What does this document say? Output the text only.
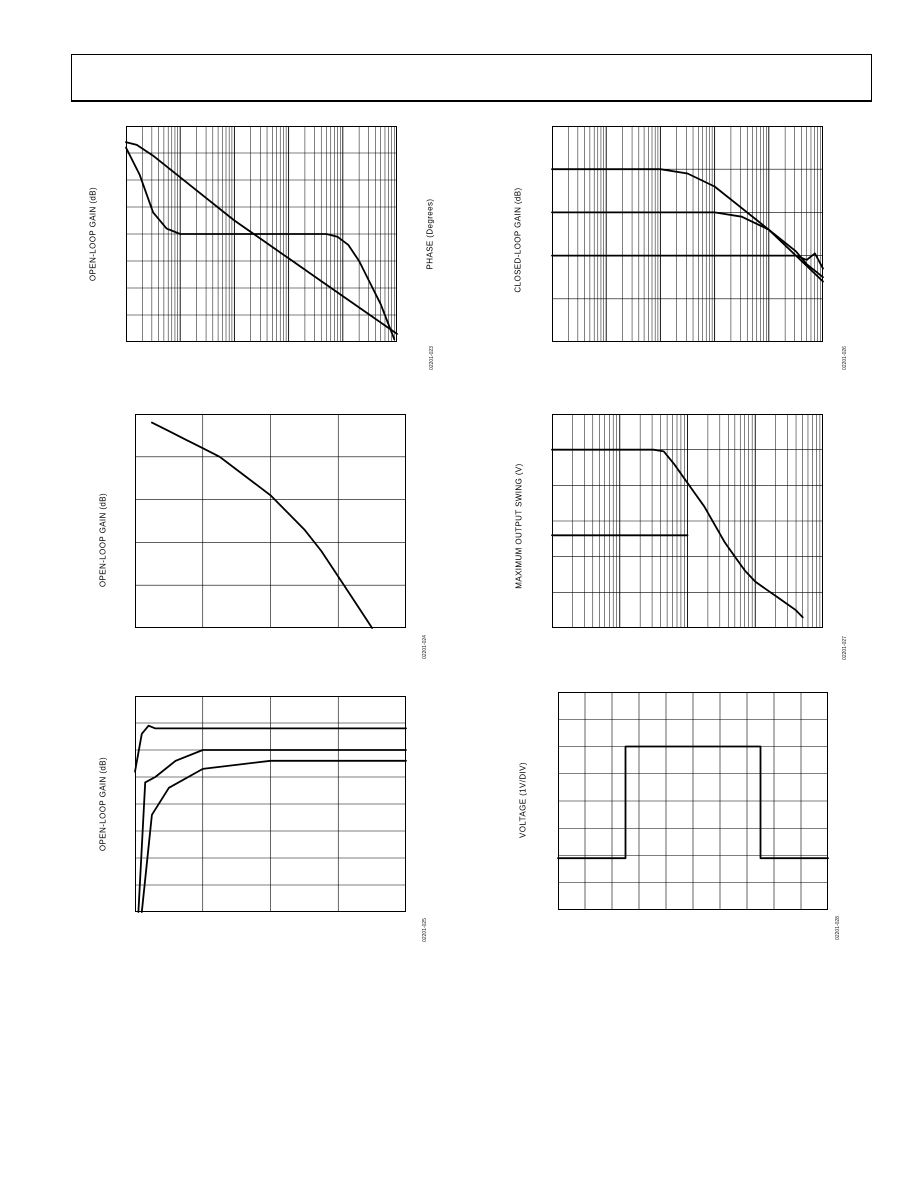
OPEN-LOOP GAIN (dB)	PHASE (Degrees)
02201-023
CLOSED-LOOP GAIN (dB)
02201-026
OPEN-LOOP GAIN (dB)
02201-024
MAXIMUM OUTPUT SWING (V)
02201-027
OPEN-LOOP GAIN (dB)
02201-025
VOLTAGE (1V/DIV)
02201-028
